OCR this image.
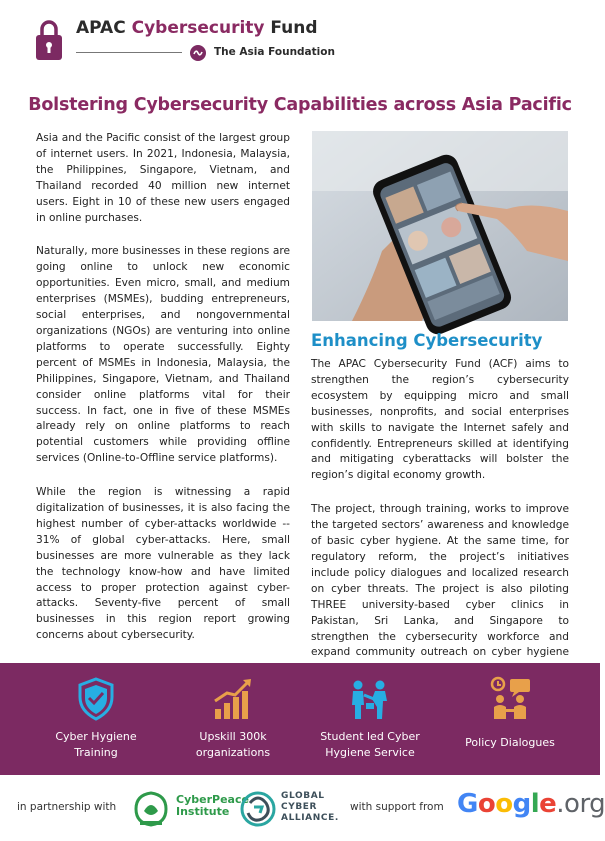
APAC Cybersecurity Fund
The Asia Foundation
Bolstering Cybersecurity Capabilities across Asia Pacific

Asia and the Pacific consist of the largest group of internet users. In 2021, Indonesia, Malaysia, the Philippines, Singapore, Vietnam, and Thailand recorded 40 million new internet users. Eight in 10 of these new users engaged in online purchases.

Naturally, more businesses in these regions are going online to unlock new economic opportunities. Even micro, small, and medium enterprises (MSMEs), budding entrepreneurs, social enterprises, and nongovernmental organizations (NGOs) are venturing into online platforms to operate successfully. Eighty percent of MSMEs in Indonesia, Malaysia, the Philippines, Singapore, Vietnam, and Thailand consider online platforms vital for their success. In fact, one in five of these MSMEs already rely on online platforms to reach potential customers while providing offline services (Online-to-Offline service platforms).

While the region is witnessing a rapid digitalization of businesses, it is also facing the highest number of cyber-attacks worldwide -- 31% of global cyber-attacks. Here, small businesses are more vulnerable as they lack the technology know-how and have limited access to proper protection against cyber-attacks. Seventy-five percent of small businesses in this region report growing concerns about cybersecurity.

Enhancing Cybersecurity

The APAC Cybersecurity Fund (ACF) aims to strengthen the region’s cybersecurity ecosystem by equipping micro and small businesses, nonprofits, and social enterprises with skills to navigate the Internet safely and confidently. Entrepreneurs skilled at identifying and mitigating cyberattacks will bolster the region’s digital economy growth.

The project, through training, works to improve the targeted sectors’ awareness and knowledge of basic cyber hygiene. At the same time, for regulatory reform, the project’s initiatives include policy dialogues and localized research on cyber threats. The project is also piloting THREE university-based cyber clinics in Pakistan, Sri Lanka, and Singapore to strengthen the cybersecurity workforce and expand community outreach on cyber hygiene

Cyber Hygiene
Training
Upskill 300k
organizations
Student led Cyber
Hygiene Service
Policy Dialogues
in partnership with
CyberPeace
Institute
GLOBAL
CYBER
ALLIANCE.
with support from Google.org
